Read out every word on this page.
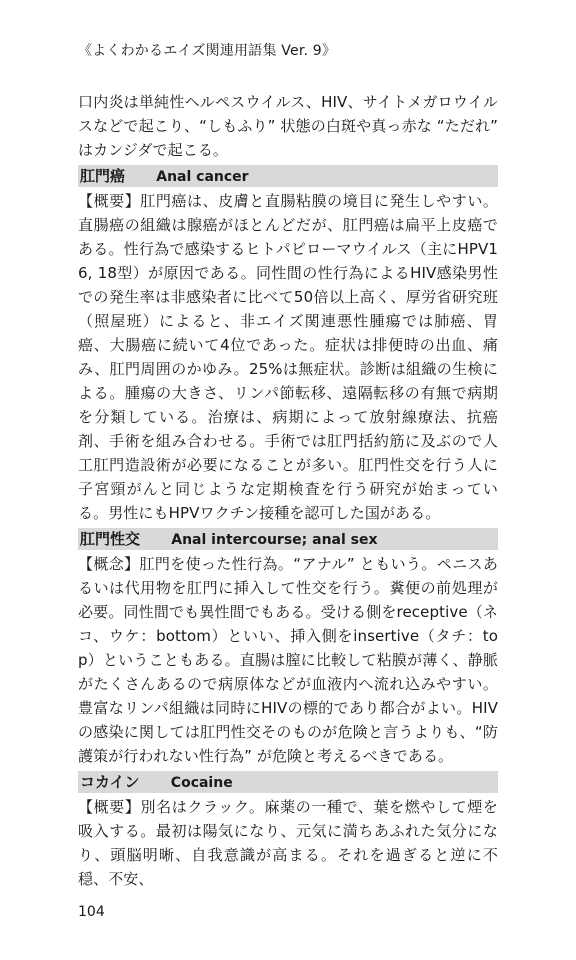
《よくわかるエイズ関連用語集 Ver. 9》

口内炎は単純性ヘルペスウイルス、HIV、サイトメガロウイルスなどで起こり、“しもふり” 状態の白斑や真っ赤な “ただれ” はカンジダで起こる。

肛門癌 Anal cancer

【概要】肛門癌は、皮膚と直腸粘膜の境目に発生しやすい。直腸癌の組織は腺癌がほとんどだが、肛門癌は扁平上皮癌である。性行為で感染するヒトパピローマウイルス（主にHPV16, 18型）が原因である。同性間の性行為によるHIV感染男性での発生率は非感染者に比べて50倍以上高く、厚労省研究班（照屋班）によると、非エイズ関連悪性腫瘍では肺癌、胃癌、大腸癌に続いて4位であった。症状は排便時の出血、痛み、肛門周囲のかゆみ。25%は無症状。診断は組織の生検による。腫瘍の大きさ、リンパ節転移、遠隔転移の有無で病期を分類している。治療は、病期によって放射線療法、抗癌剤、手術を組み合わせる。手術では肛門括約筋に及ぶので人工肛門造設術が必要になることが多い。肛門性交を行う人に子宮頸がんと同じような定期検査を行う研究が始まっている。男性にもHPVワクチン接種を認可した国がある。

肛門性交 Anal intercourse; anal sex

【概念】肛門を使った性行為。“アナル” ともいう。ペニスあるいは代用物を肛門に挿入して性交を行う。糞便の前処理が必要。同性間でも異性間でもある。受ける側をreceptive（ネコ、ウケ：bottom）といい、挿入側をinsertive（タチ：top）ということもある。直腸は膣に比較して粘膜が薄く、静脈がたくさんあるので病原体などが血液内へ流れ込みやすい。豊富なリンパ組織は同時にHIVの標的であり都合がよい。HIVの感染に関しては肛門性交そのものが危険と言うよりも、“防護策が行われない性行為” が危険と考えるべきである。

コカイン Cocaine

【概要】別名はクラック。麻薬の一種で、葉を燃やして煙を吸入する。最初は陽気になり、元気に満ちあふれた気分になり、頭脳明晰、自我意識が高まる。それを過ぎると逆に不穏、不安、

104
